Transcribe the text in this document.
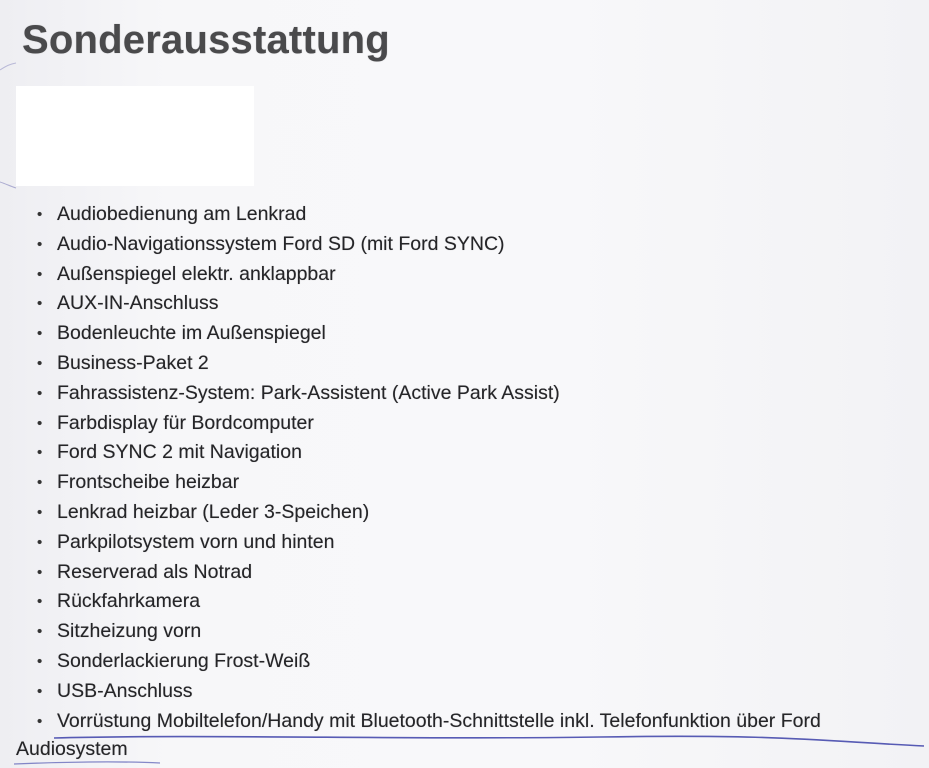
Sonderausstattung
• Audiobedienung am Lenkrad
• Audio-Navigationssystem Ford SD (mit Ford SYNC)
• Außenspiegel elektr. anklappbar
• AUX-IN-Anschluss
• Bodenleuchte im Außenspiegel
• Business-Paket 2
• Fahrassistenz-System: Park-Assistent (Active Park Assist)
• Farbdisplay für Bordcomputer
• Ford SYNC 2 mit Navigation
• Frontscheibe heizbar
• Lenkrad heizbar (Leder 3-Speichen)
• Parkpilotsystem vorn und hinten
• Reserverad als Notrad
• Rückfahrkamera
• Sitzheizung vorn
• Sonderlackierung Frost-Weiß
• USB-Anschluss
• Vorrüstung Mobiltelefon/Handy mit Bluetooth-Schnittstelle inkl. Telefonfunktion über Ford
Audiosystem
